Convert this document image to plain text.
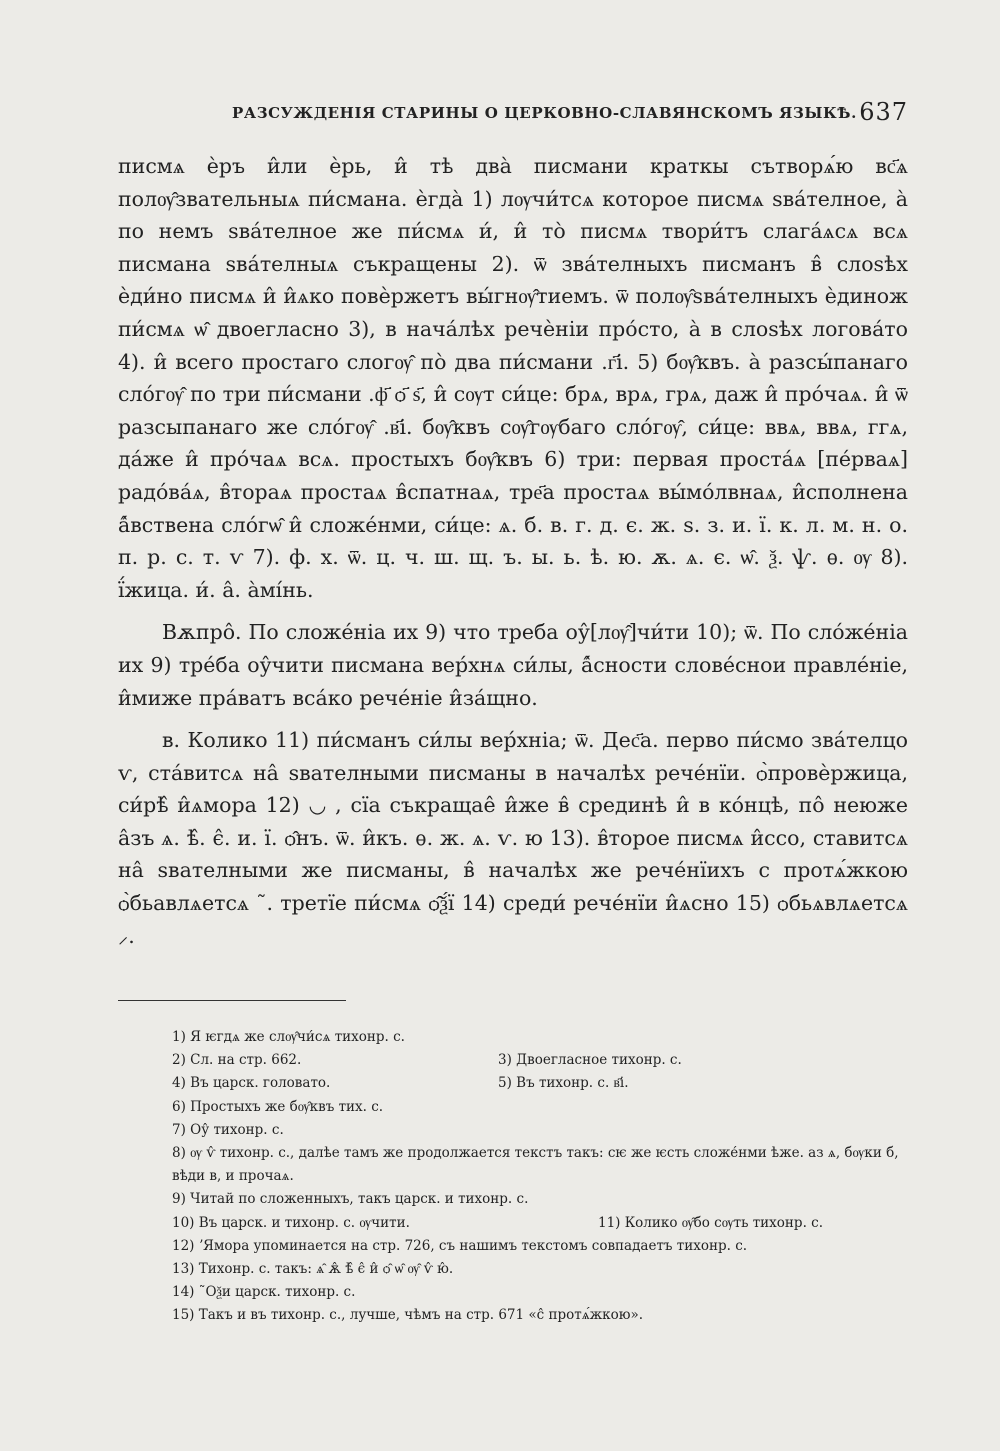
РАЗСУЖДЕНІЯ СТАРИНЫ О ЦЕРКОВНО-СЛАВЯНСКОМЪ ЯЗЫКѢ. 637

писмѧ ѐръ и̂ли ѐрь, и̂ тѣ два̀ писмани краткы сътворѧ́ю вс҃ѧ полѹ̂звательныѧ пи́смана. ѐгда̀ 1) лѹчи́тсѧ которое писмѧ ѕва́телное, а̀ по немъ ѕва́телное же пи́смѧ и́, и̂ то̀ писмѧ твори́тъ слага́ѧсѧ всѧ писмана ѕва́телныѧ съкращены 2). ѿ зва́телныхъ писманъ в̂ слоѕѣх ѐди́но писмѧ и̂ и̂ѧко повѐржетъ вы́гнѹ̂тиемъ. ѿ полѹ̂ѕва́телныхъ ѐдинож пи́смѧ ѡ̂ двоегласно 3), в нача́лѣх речѐніи про́сто, а̀ в слоѕѣх логова́то 4). и̂ всего простаго слогѹ̂ по̀ два пи́смани .г҃і. 5) бѹ̂квъ. а̀ разсы́панаго сло́гѹ̂ по три пи́смани .ф҃ ѻ҃ ѕ҃, и̂ сѹт си́це: брѧ, врѧ, грѧ, даж и̂ про́чаѧ. и̂ ѿ разсыпанаго же сло́гѹ̂ .в҃і. бѹ̂квъ сѹ̂гѹбаго сло́гѹ̂, си́це: ввѧ, ввѧ, ггѧ, да́же и̂ про́чаѧ всѧ. простыхъ бѹ̂квъ 6) три: первая проста́ѧ [пе́рваѧ] радо́ва́ѧ, в̂тораѧ простаѧ в̂спатнаѧ, тре҃а простаѧ вы́мо́лвнаѧ, и̂сполнена а̂́вствена сло́гѡ̂ и̂ сложе́нми, си́це: ѧ. б. в. г. д. є. ж. ѕ. з. и. ї. к. л. м. н. о. п. р. с. т. ѵ 7). ф. х. ѿ. ц. ч. ш. щ. ъ. ы. ь. ѣ. ю. ѫ. ѧ. є. ѡ̂. ѯ. ѱ. ѳ. ѹ 8). ї́жица. и́. а̂. а̀мі́нь.

Вѫпро̂. По сложе́ніа их 9) что треба оу̂[лѹ̂]чи́ти 10); ѿ. По сло́же́ніа их 9) тре́ба оу̂чити писмана вер́хнѧ си́лы, а̂́сности слове́снои правле́ніе, и̂миже пра́ватъ вса́ко рече́ніе и̂за́щно.

в. Колико 11) пи́сманъ си́лы вер́хніа; ѿ. Дес҃а. перво пи́смо зва́телцо ѵ, ста́витсѧ на̂ ѕвателными писманы в началѣх рече́нїи. ѻ̀провѐржица, си́рѣ̂ и̂ѧмора 12) ◡ , сїа съкращае̂ и̂же в̂ срединѣ и̂ в ко́нцѣ, по̂ неюже а̂зъ ѧ. ѣ̂. є̂. и. ї. ѻ̂нъ. ѿ. и̂къ. ѳ. ж. ѧ. ѵ. ю 13). в̂торое писмѧ и̂ссо, ставитсѧ на̂ ѕвателными же писманы, в̂ началѣх же рече́нїихъ с протѧ́жкою ѻ̀бьавлѧетсѧ ˜. третїе пи́смѧ ѻ̂ѯ́ї 14) среди́ рече́нїи и̂ѧсно 15) ѻбьѧвлѧетсѧ ⸝.

1) Я ѥгдѧ же слѹ̂чи́сѧ тихонр. с.
2) Сл. на стр. 662.	3) Двоегласное тихонр. с.
4) Въ царск. головато.	5) Въ тихонр. с. в҃і.
6) Простыхъ же бѹ̂квъ тих. с.
7) Оу̂ тихонр. с.
8) ѹ ѵ̂ тихонр. с., далѣе тамъ же продолжается текстъ такъ: сѥ же ѥсть сложе́нми ѣже. аз ѧ, бѹки б, вѣди в, и прочаѧ.
9) Читай по сложенныхъ, такъ царск. и тихонр. с.
10) Въ царск. и тихонр. с. ѹчити.	11) Колико ѹ̂бо сѹть тихонр. с.
12) ʼЯмора упоминается на стр. 726, съ нашимъ текстомъ совпадаетъ тихонр. с.
13) Тихонр. с. такъ: ѧ̂ ѫ̂ ѣ̂ є̂ и̂ ѻ̂ ѡ̂ ѹ̂ ѵ̂ ю̂.
14) ˜Оѯи царск. тихонр. с.
15) Такъ и въ тихонр. с., лучше, чѣмъ на стр. 671 «с̂ протѧ́жкою».
